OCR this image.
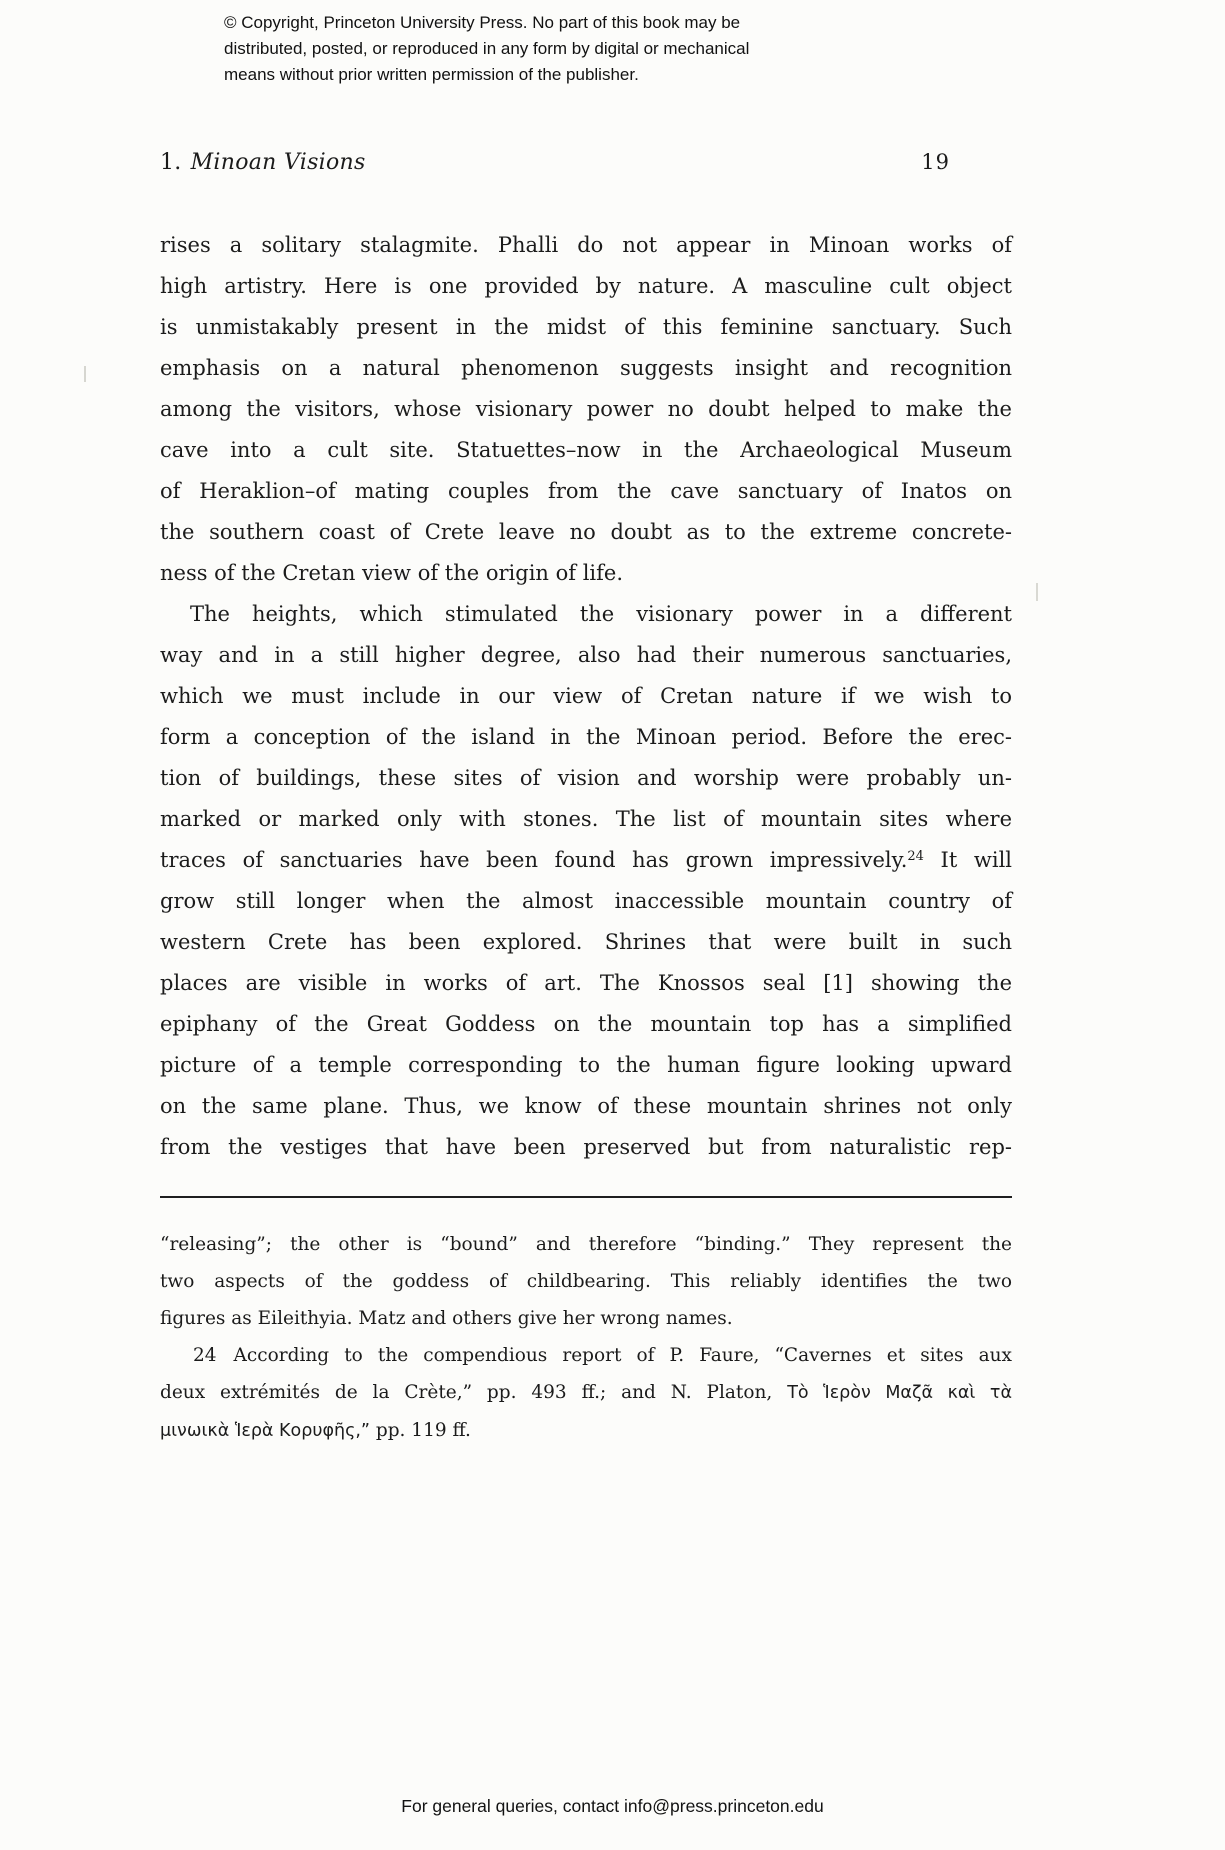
© Copyright, Princeton University Press. No part of this book may be
distributed, posted, or reproduced in any form by digital or mechanical
means without prior written permission of the publisher.
1. Minoan Visions	19
rises a solitary stalagmite. Phalli do not appear in Minoan works of
high artistry. Here is one provided by nature. A masculine cult object
is unmistakably present in the midst of this feminine sanctuary. Such
emphasis on a natural phenomenon suggests insight and recognition
among the visitors, whose visionary power no doubt helped to make the
cave into a cult site. Statuettes–now in the Archaeological Museum
of Heraklion–of mating couples from the cave sanctuary of Inatos on
the southern coast of Crete leave no doubt as to the extreme concrete-
ness of the Cretan view of the origin of life.
The heights, which stimulated the visionary power in a different
way and in a still higher degree, also had their numerous sanctuaries,
which we must include in our view of Cretan nature if we wish to
form a conception of the island in the Minoan period. Before the erec-
tion of buildings, these sites of vision and worship were probably un-
marked or marked only with stones. The list of mountain sites where
traces of sanctuaries have been found has grown impressively.$^{24}$ It will
grow still longer when the almost inaccessible mountain country of
western Crete has been explored. Shrines that were built in such
places are visible in works of art. The Knossos seal [1] showing the
epiphany of the Great Goddess on the mountain top has a simplified
picture of a temple corresponding to the human figure looking upward
on the same plane. Thus, we know of these mountain shrines not only
from the vestiges that have been preserved but from naturalistic rep-
“releasing”; the other is “bound” and therefore “binding.” They represent the
two aspects of the goddess of childbearing. This reliably identifies the two
figures as Eileithyia. Matz and others give her wrong names.
24 According to the compendious report of P. Faure, “Cavernes et sites aux
deux extrémités de la Crète,” pp. 493 ff.; and N. Platon, Τὸ Ἱερὸν Μαζᾶ καὶ τὰ
μινωικὰ Ἱερὰ Κορυφῆς,” pp. 119 ff.
For general queries, contact info@press.princeton.edu
